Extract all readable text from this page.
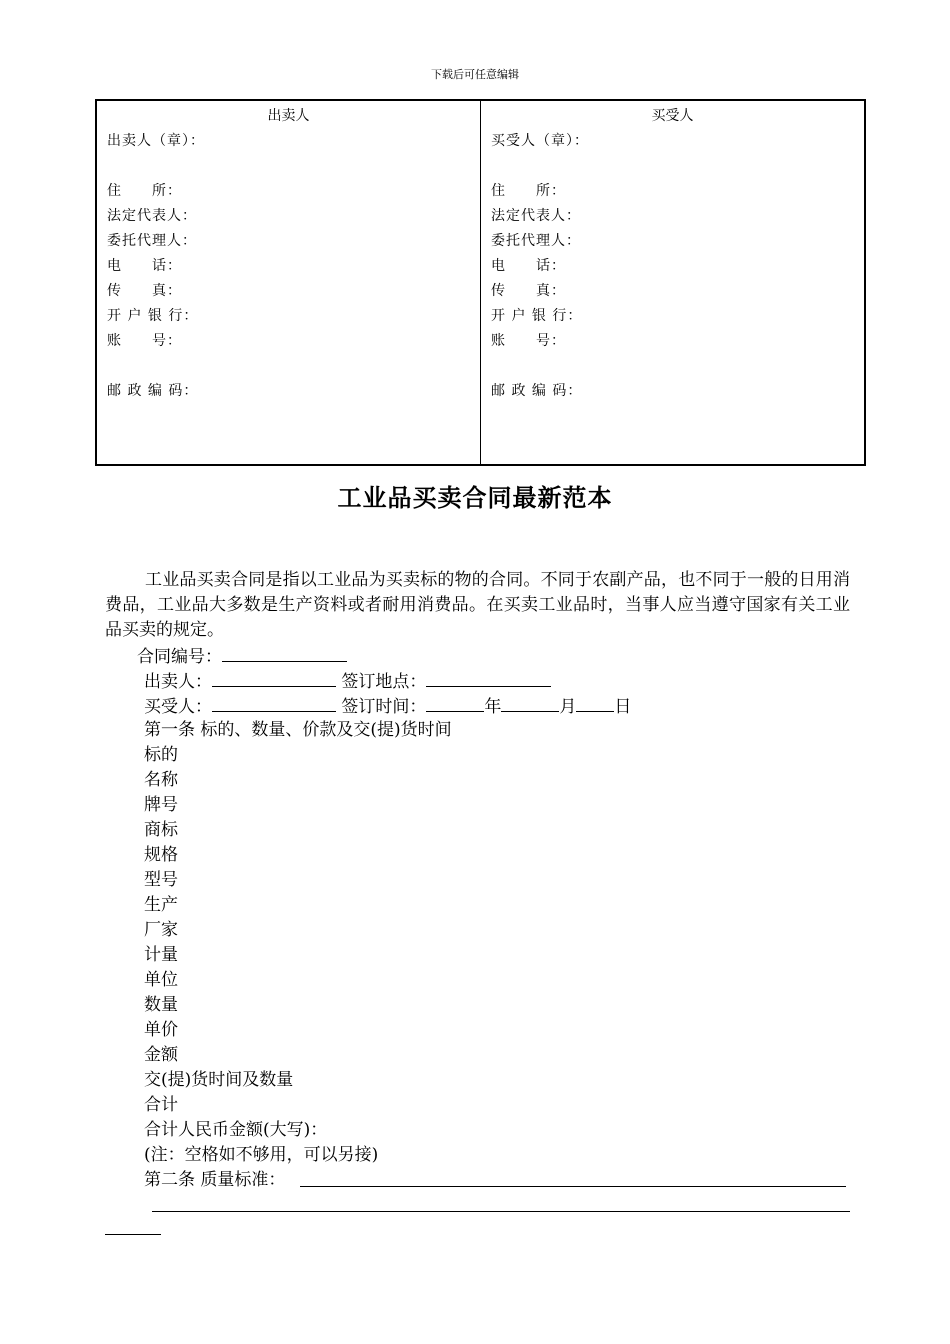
下载后可任意编辑
出卖人
出卖人（章）：
住　　所：
法定代表人：
委托代理人：
电　　话：
传　　真：
开 户 银 行：
账　　号：
邮 政 编 码：
买受人
买受人（章）：
住　　所：
法定代表人：
委托代理人：
电　　话：
传　　真：
开 户 银 行：
账　　号：
邮 政 编 码：
工业品买卖合同最新范本

工业品买卖合同是指以工业品为买卖标的物的合同。不同于农副产品，也不同于一般的日用消费品，工业品大多数是生产资料或者耐用消费品。在买卖工业品时，当事人应当遵守国家有关工业品买卖的规定。

合同编号：
出卖人：	签订地点：
买受人：	签订时间：	年	月 日
第一条 标的、数量、价款及交(提)货时间
标的
名称
牌号
商标
规格
型号
生产
厂家
计量
单位
数量
单价
金额
交(提)货时间及数量
合计
合计人民币金额(大写)：
(注：空格如不够用，可以另接)
第二条 质量标准：
